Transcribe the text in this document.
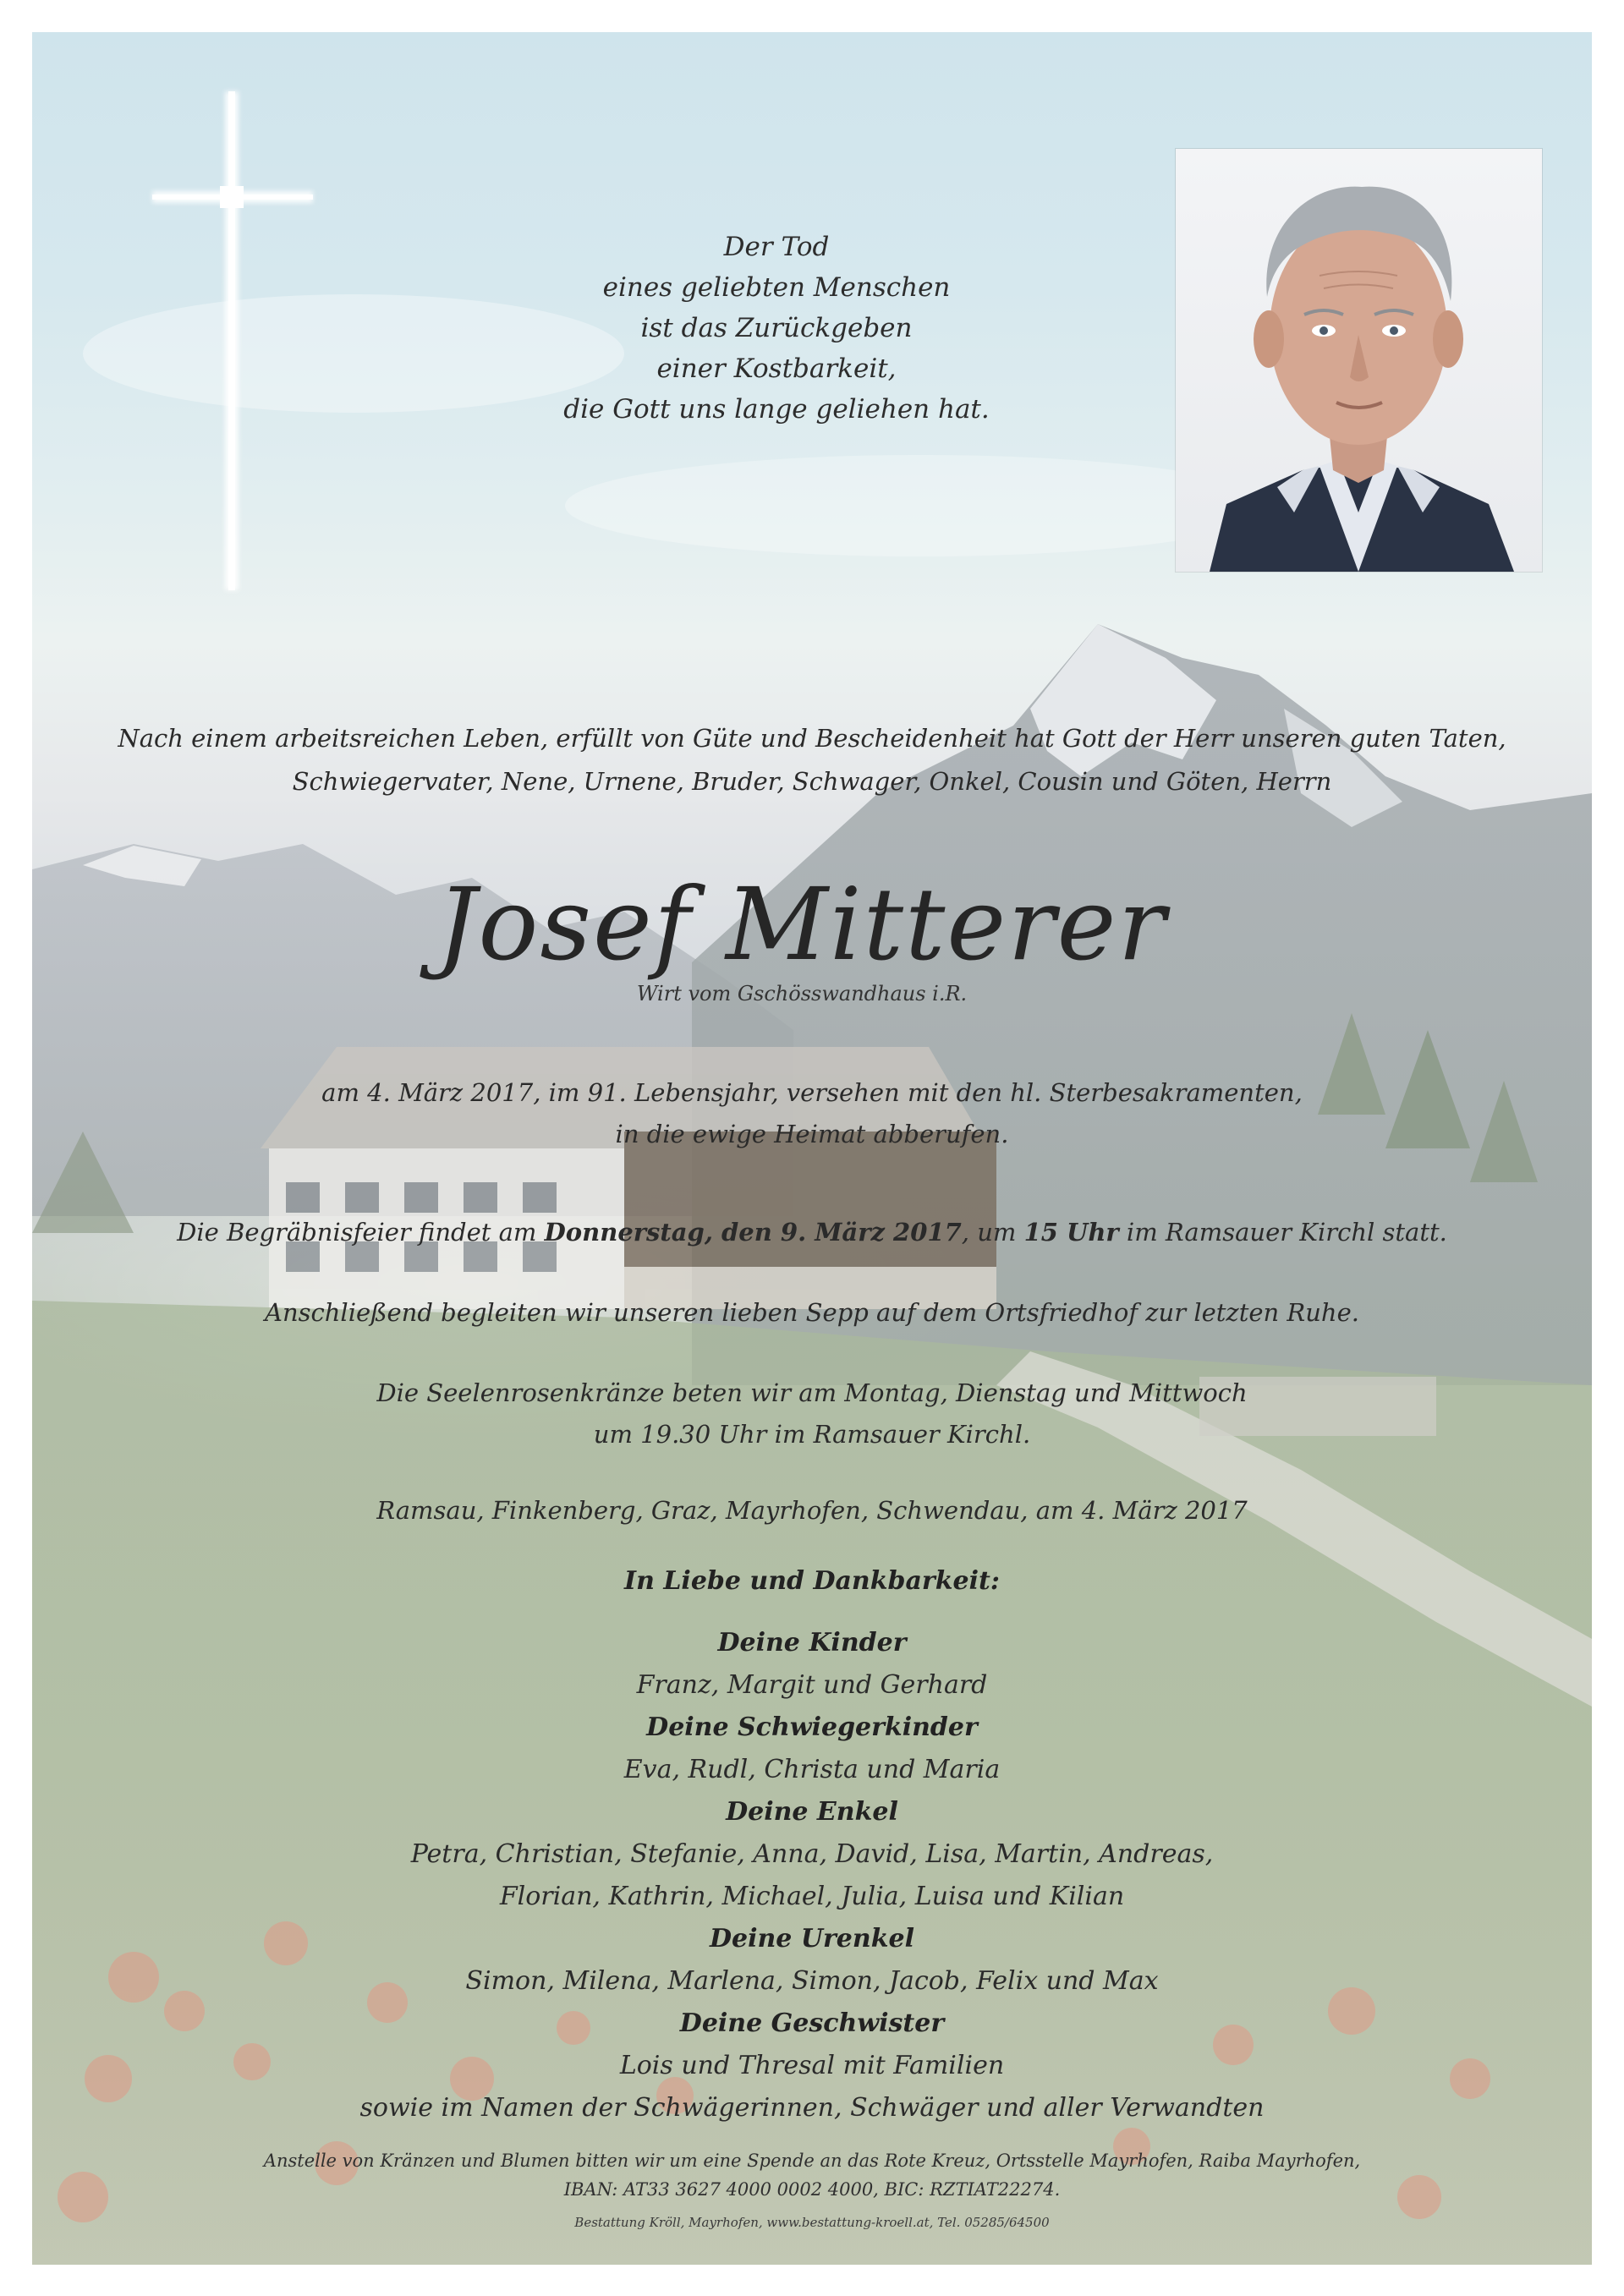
Der Tod
eines geliebten Menschen
ist das Zurückgeben
einer Kostbarkeit,
die Gott uns lange geliehen hat.
Nach einem arbeitsreichen Leben, erfüllt von Güte und Bescheidenheit hat Gott der Herr unseren guten Taten,
Schwiegervater, Nene, Urnene, Bruder, Schwager, Onkel, Cousin und Göten, Herrn
Josef Mitterer
Wirt vom Gschösswandhaus i.R.
am 4. März 2017, im 91. Lebensjahr, versehen mit den hl. Sterbesakramenten,
in die ewige Heimat abberufen.
Die Begräbnisfeier findet am Donnerstag, den 9. März 2017, um 15 Uhr im Ramsauer Kirchl statt.
Anschließend begleiten wir unseren lieben Sepp auf dem Ortsfriedhof zur letzten Ruhe.
Die Seelenrosenkränze beten wir am Montag, Dienstag und Mittwoch
um 19.30 Uhr im Ramsauer Kirchl.
Ramsau, Finkenberg, Graz, Mayrhofen, Schwendau, am 4. März 2017
In Liebe und Dankbarkeit:
Deine Kinder
Franz, Margit und Gerhard
Deine Schwiegerkinder
Eva, Rudl, Christa und Maria
Deine Enkel
Petra, Christian, Stefanie, Anna, David, Lisa, Martin, Andreas,
Florian, Kathrin, Michael, Julia, Luisa und Kilian
Deine Urenkel
Simon, Milena, Marlena, Simon, Jacob, Felix und Max
Deine Geschwister
Lois und Thresal mit Familien
sowie im Namen der Schwägerinnen, Schwäger und aller Verwandten
Anstelle von Kränzen und Blumen bitten wir um eine Spende an das Rote Kreuz, Ortsstelle Mayrhofen, Raiba Mayrhofen,
IBAN: AT33 3627 4000 0002 4000, BIC: RZTIAT22274.
Bestattung Kröll, Mayrhofen, www.bestattung-kroell.at, Tel. 05285/64500
